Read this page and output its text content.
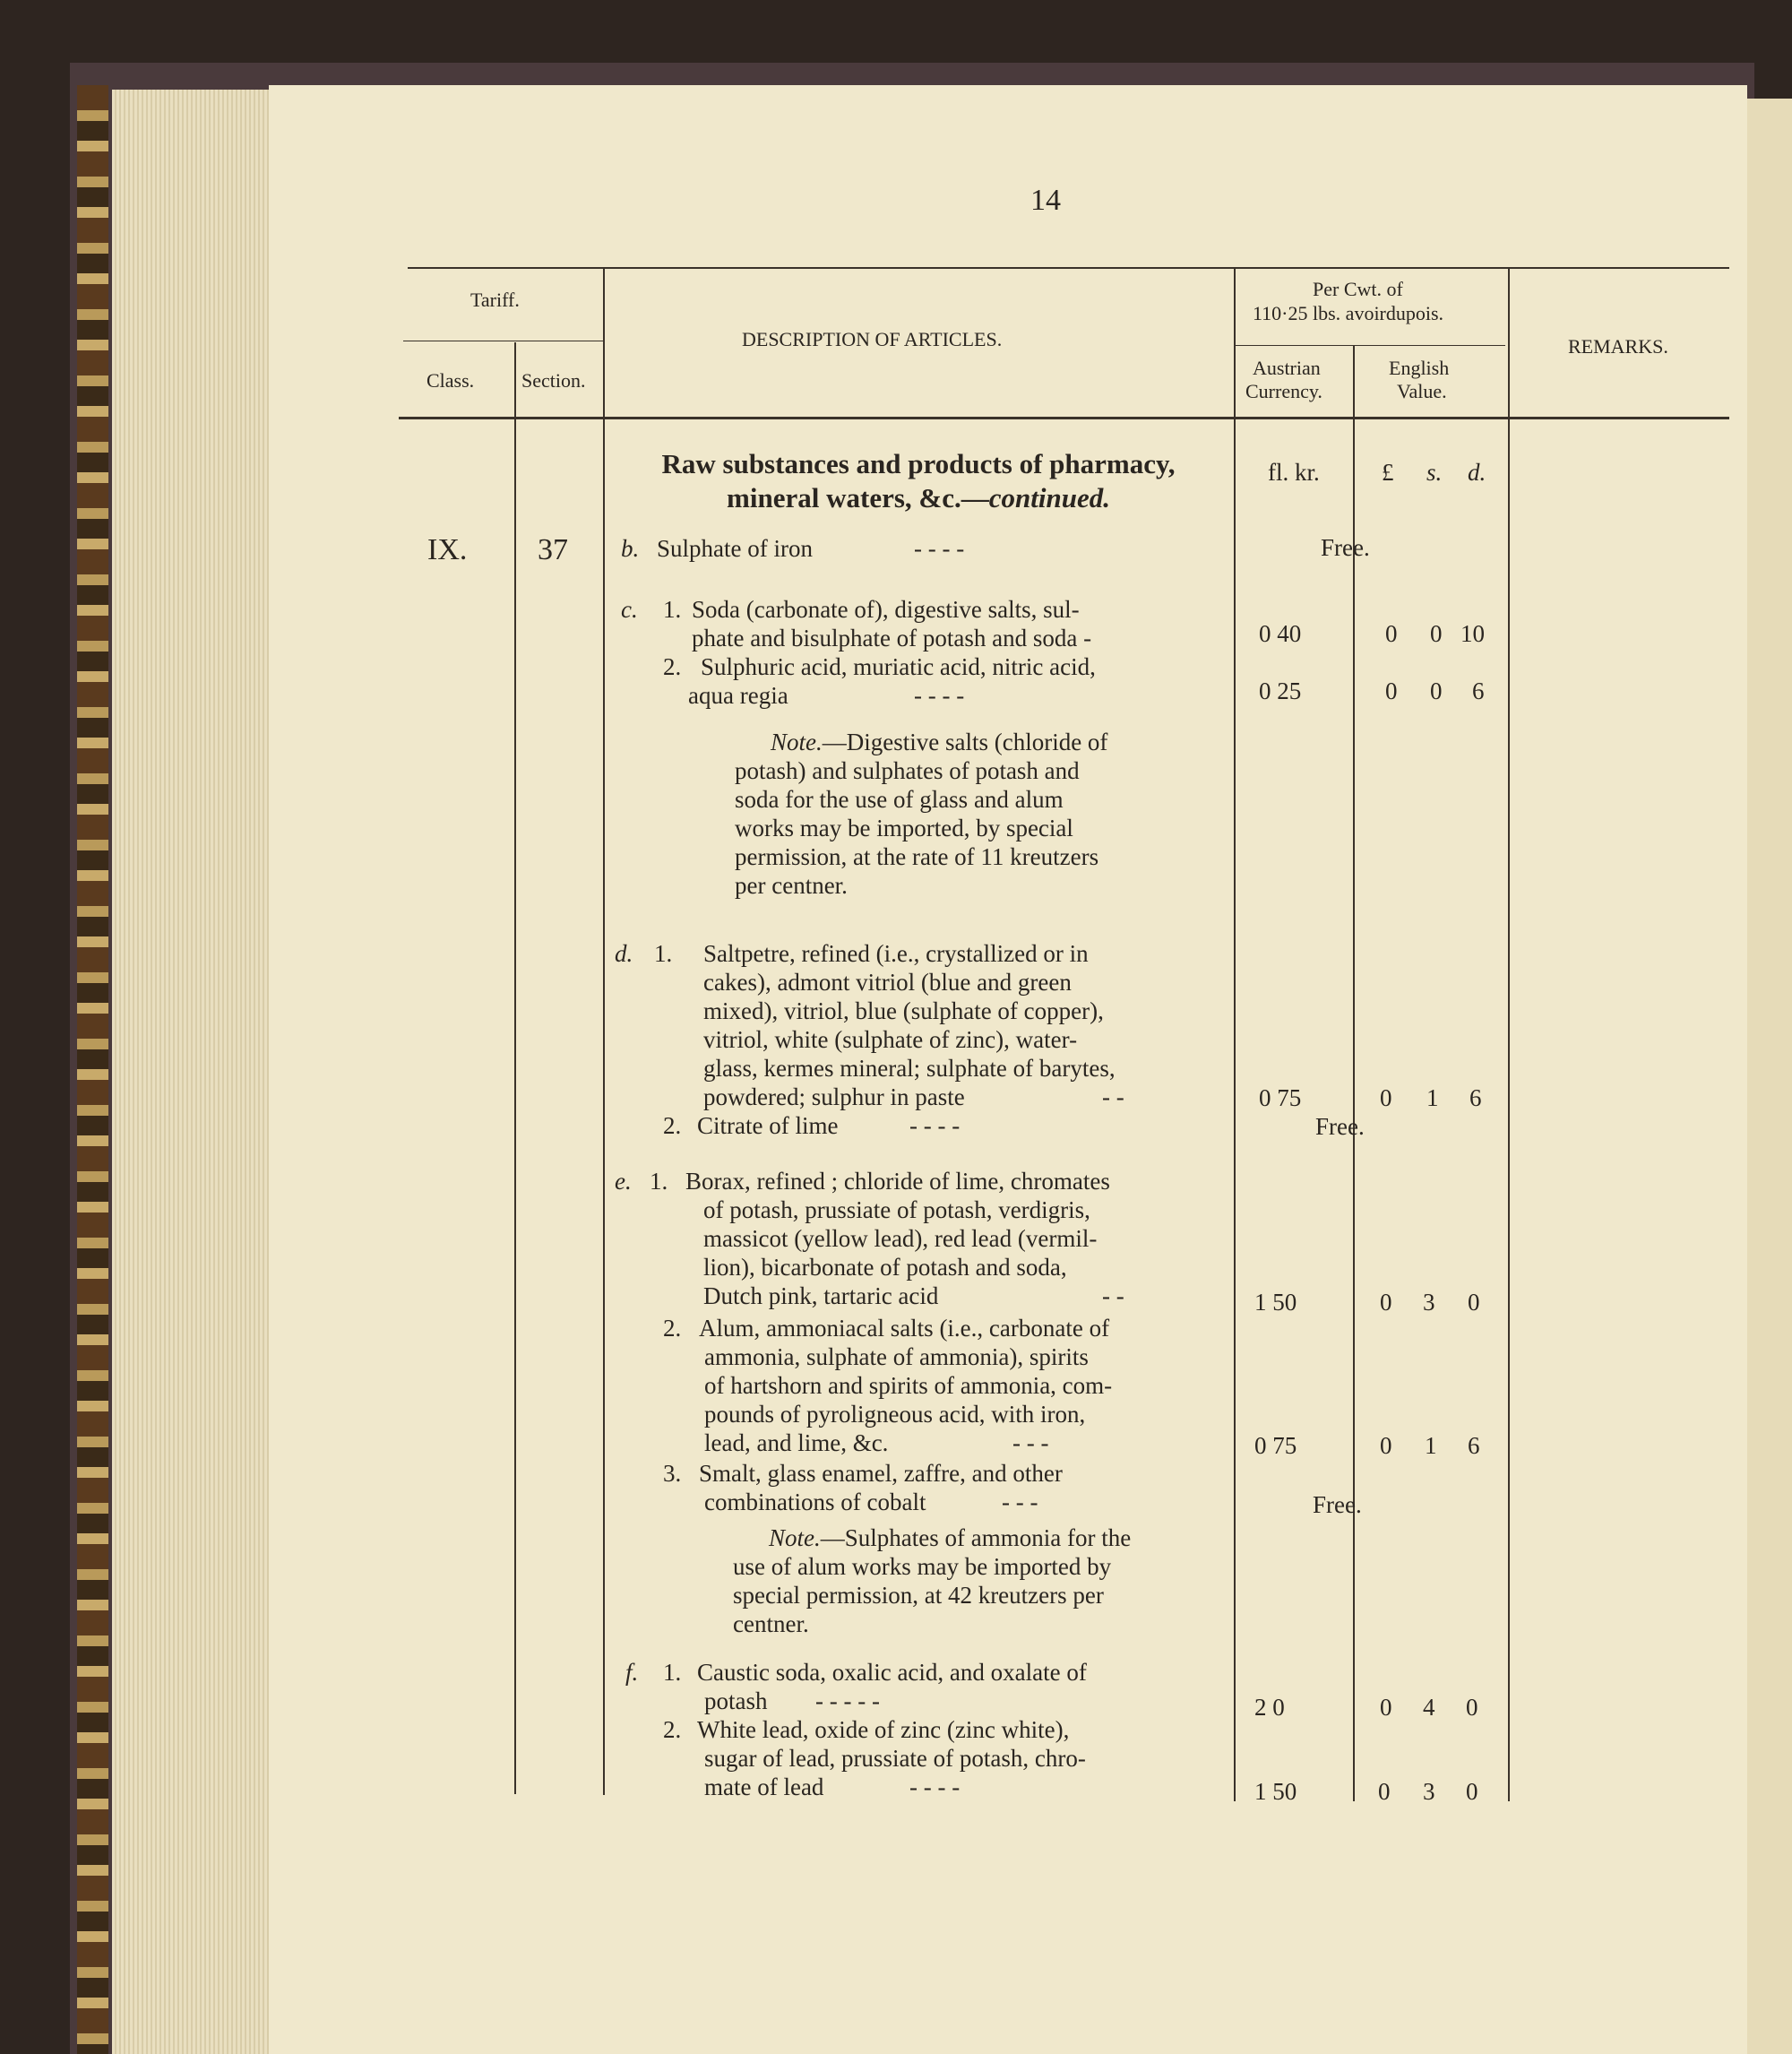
14
Tariff.
Class. Section.
DESCRIPTION OF ARTICLES.
Per Cwt. of
110·25 lbs. avoirdupois.
Austrian
Currency.
English
Value.
REMARKS.
fl. kr.	£ s. d.
Raw substances and products of pharmacy,
mineral waters, &c.—continued.
IX. 37 b. Sulphate of iron	- - - -	Free.
c. 1. Soda (carbonate of), digestive salts, sul-
phate and bisulphate of potash and soda -	0 40	0 0 10
2. Sulphuric acid, muriatic acid, nitric acid,
aqua regia	- - - -	0 25	0 0 6
Note.—Digestive salts (chloride of
potash) and sulphates of potash and
soda for the use of glass and alum
works may be imported, by special
permission, at the rate of 11 kreutzers
per centner.
d. 1. Saltpetre, refined (i.e., crystallized or in
cakes), admont vitriol (blue and green
mixed), vitriol, blue (sulphate of copper),
vitriol, white (sulphate of zinc), water-
glass, kermes mineral; sulphate of barytes,
powdered; sulphur in paste	- -	0 75	0 1 6
2. Citrate of lime	- - - -	Free.
e. 1. Borax, refined ; chloride of lime, chromates
of potash, prussiate of potash, verdigris,
massicot (yellow lead), red lead (vermil-
lion), bicarbonate of potash and soda,
Dutch pink, tartaric acid	- -	1 50	0 3 0
2. Alum, ammoniacal salts (i.e., carbonate of
ammonia, sulphate of ammonia), spirits
of hartshorn and spirits of ammonia, com-
pounds of pyroligneous acid, with iron,
lead, and lime, &c.	- - -	0 75	0 1 6
3. Smalt, glass enamel, zaffre, and other
combinations of cobalt	- - -	Free.
Note.—Sulphates of ammonia for the
use of alum works may be imported by
special permission, at 42 kreutzers per
centner.
f. 1. Caustic soda, oxalic acid, and oxalate of
potash	- - - - -	2 0	0 4 0
2. White lead, oxide of zinc (zinc white),
sugar of lead, prussiate of potash, chro-
mate of lead	- - - -	1 50	0 3 0
